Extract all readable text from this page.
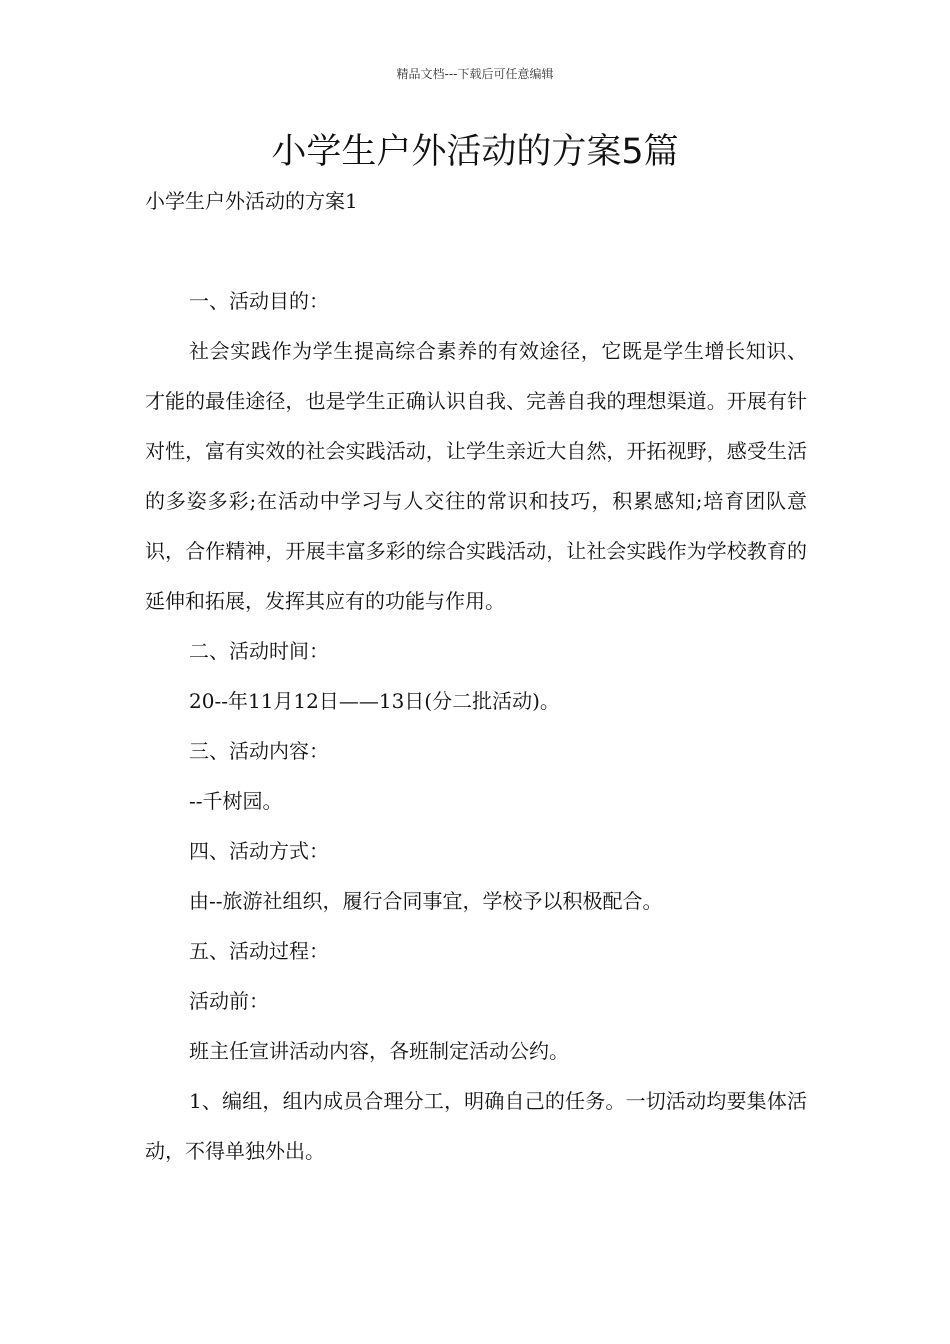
精品文档---下载后可任意编辑
小学生户外活动的方案5篇
小学生户外活动的方案1

一、活动目的：

社会实践作为学生提高综合素养的有效途径，它既是学生增长知识、才能的最佳途径，也是学生正确认识自我、完善自我的理想渠道。开展有针对性，富有实效的社会实践活动，让学生亲近大自然，开拓视野，感受生活的多姿多彩;在活动中学习与人交往的常识和技巧，积累感知;培育团队意识，合作精神，开展丰富多彩的综合实践活动，让社会实践作为学校教育的延伸和拓展，发挥其应有的功能与作用。

二、活动时间：

20--年11月12日——13日(分二批活动)。

三、活动内容：

--千树园。

四、活动方式：

由--旅游社组织，履行合同事宜，学校予以积极配合。

五、活动过程：

活动前：

班主任宣讲活动内容，各班制定活动公约。

1、编组，组内成员合理分工，明确自己的任务。一切活动均要集体活动，不得单独外出。
